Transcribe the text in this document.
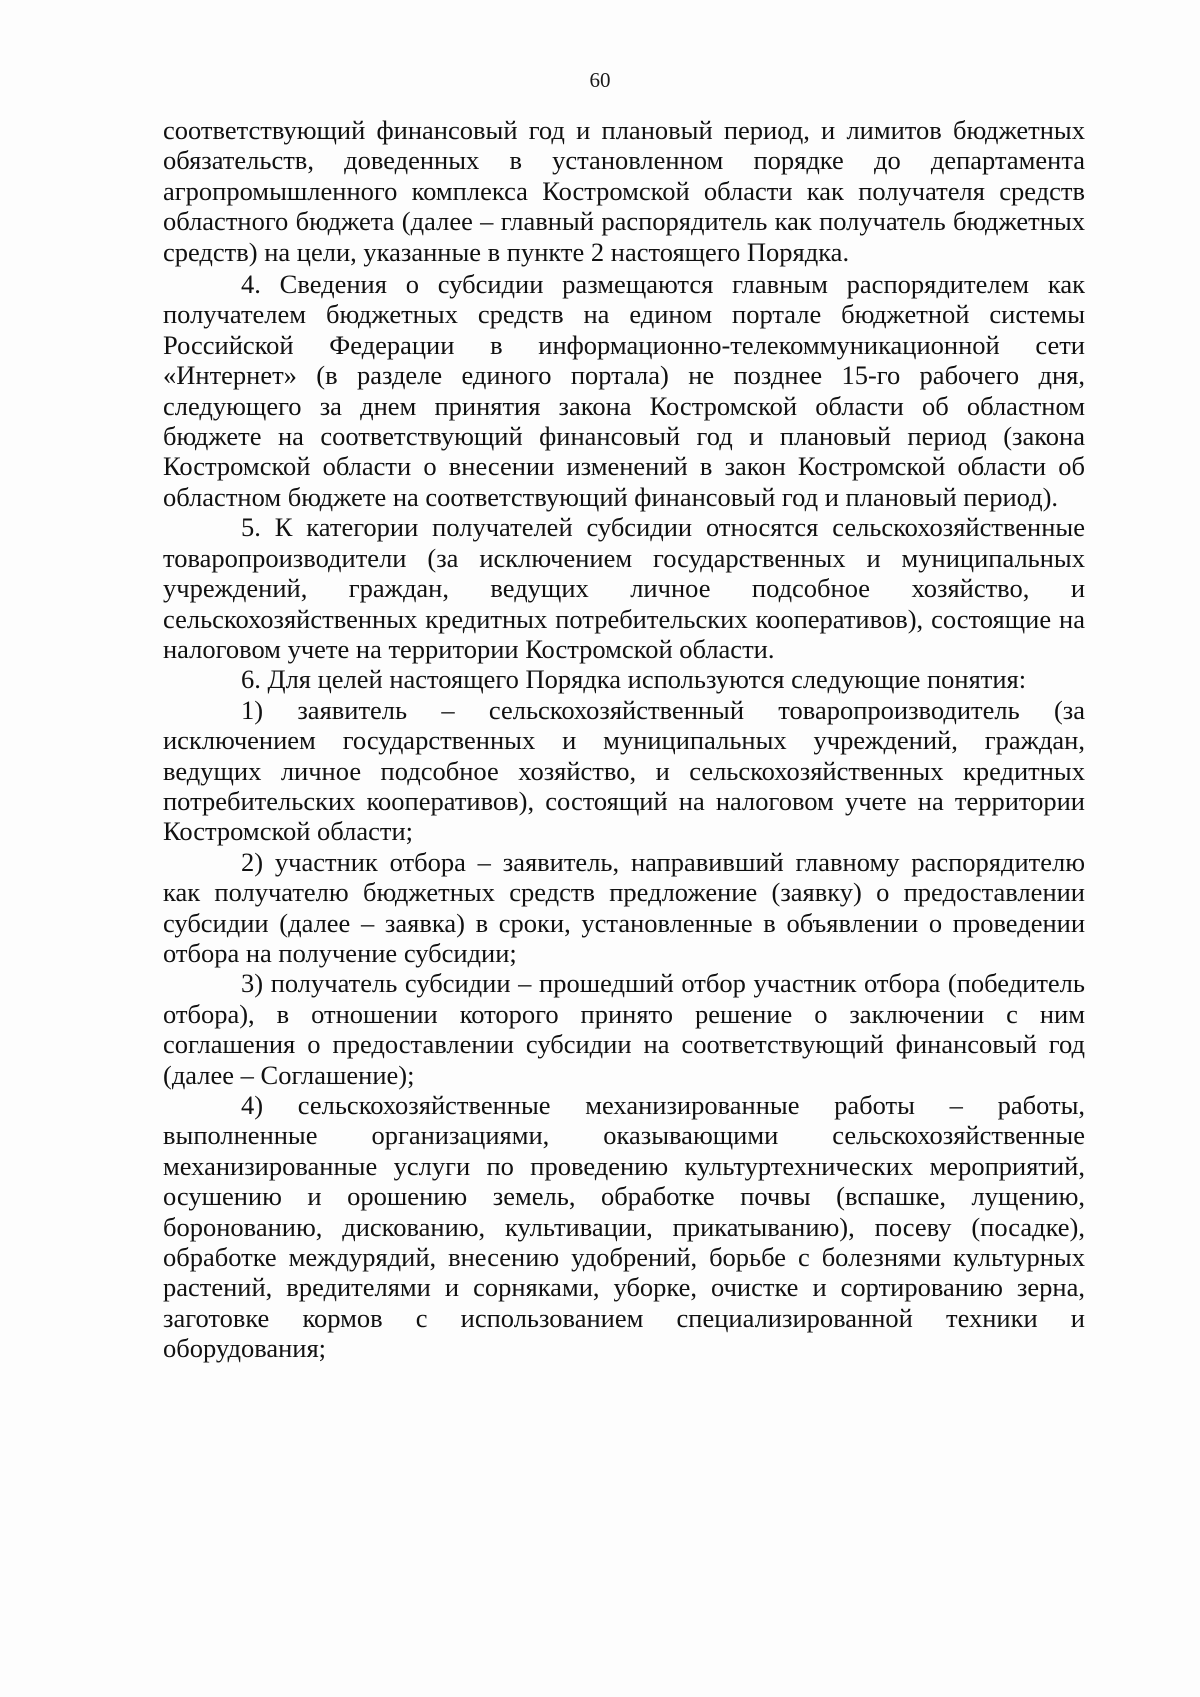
60

соответствующий финансовый год и плановый период, и лимитов бюджетных обязательств, доведенных в установленном порядке до департамента агропромышленного комплекса Костромской области как получателя средств областного бюджета (далее – главный распорядитель как получатель бюджетных средств) на цели, указанные в пункте 2 настоящего Порядка.

4. Сведения о субсидии размещаются главным распорядителем как получателем бюджетных средств на едином портале бюджетной системы Российской Федерации в информационно-телекоммуникационной сети «Интернет» (в разделе единого портала) не позднее 15-го рабочего дня, следующего за днем принятия закона Костромской области об областном бюджете на соответствующий финансовый год и плановый период (закона Костромской области о внесении изменений в закон Костромской области об областном бюджете на соответствующий финансовый год и плановый период).

5. К категории получателей субсидии относятся сельскохозяйственные товаропроизводители (за исключением государственных и муниципальных учреждений, граждан, ведущих личное подсобное хозяйство, и сельскохозяйственных кредитных потребительских кооперативов), состоящие на налоговом учете на территории Костромской области.

6. Для целей настоящего Порядка используются следующие понятия:

1) заявитель – сельскохозяйственный товаропроизводитель (за исключением государственных и муниципальных учреждений, граждан, ведущих личное подсобное хозяйство, и сельскохозяйственных кредитных потребительских кооперативов), состоящий на налоговом учете на территории Костромской области;

2) участник отбора – заявитель, направивший главному распорядителю как получателю бюджетных средств предложение (заявку) о предоставлении субсидии (далее – заявка) в сроки, установленные в объявлении о проведении отбора на получение субсидии;

3) получатель субсидии – прошедший отбор участник отбора (победитель отбора), в отношении которого принято решение о заключении с ним соглашения о предоставлении субсидии на соответствующий финансовый год (далее – Соглашение);

4) сельскохозяйственные механизированные работы – работы, выполненные организациями, оказывающими сельскохозяйственные механизированные услуги по проведению культуртехнических мероприятий, осушению и орошению земель, обработке почвы (вспашке, лущению, боронованию, дискованию, культивации, прикатыванию), посеву (посадке), обработке междурядий, внесению удобрений, борьбе с болезнями культурных растений, вредителями и сорняками, уборке, очистке и сортированию зерна, заготовке кормов с использованием специализированной техники и оборудования;
